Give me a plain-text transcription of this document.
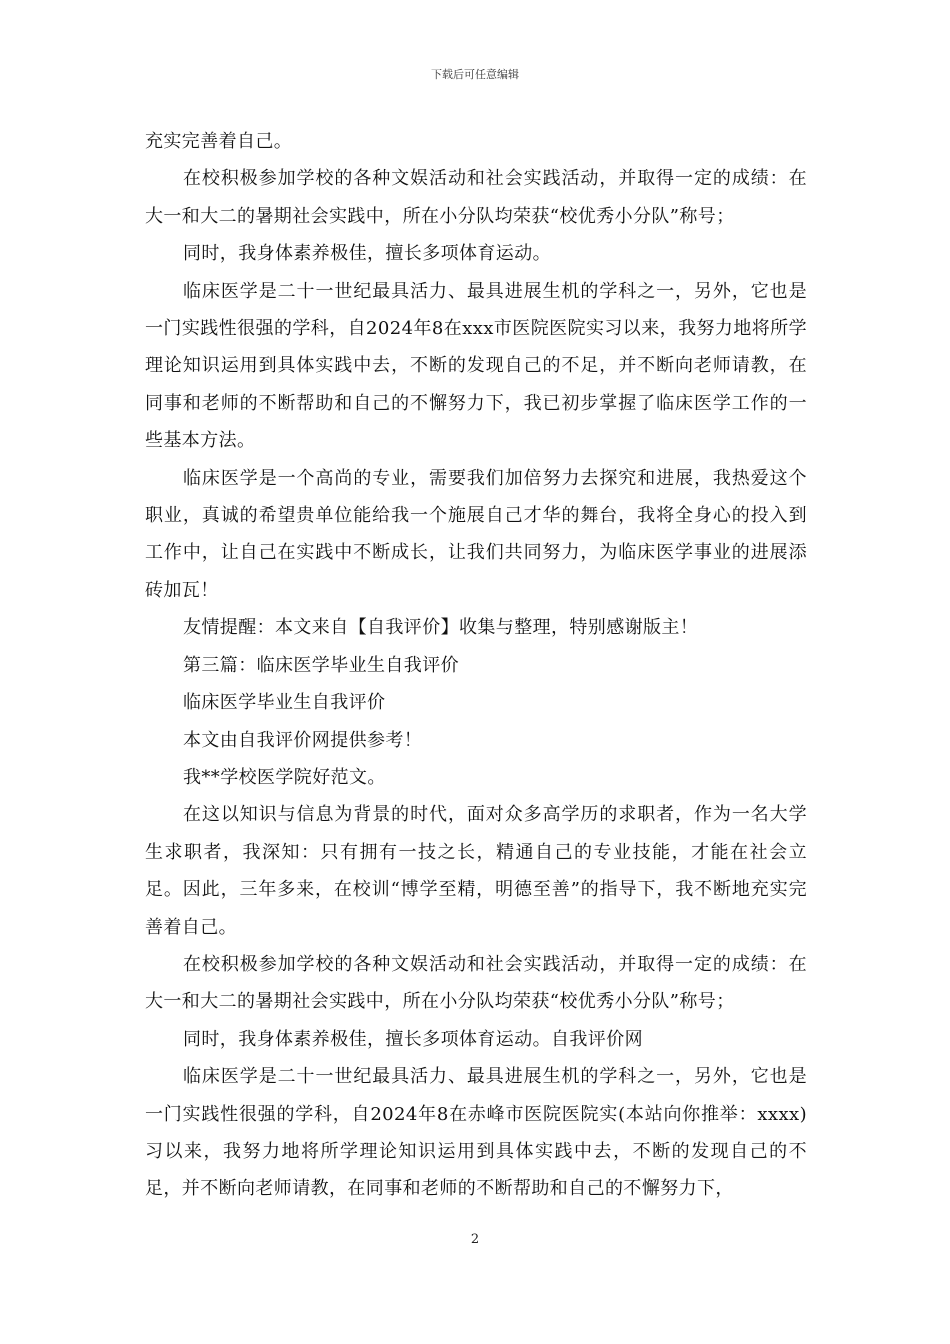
下载后可任意编辑

充实完善着自己。

在校积极参加学校的各种文娱活动和社会实践活动，并取得一定的成绩：在大一和大二的暑期社会实践中，所在小分队均荣获“校优秀小分队”称号；

同时，我身体素养极佳，擅长多项体育运动。

临床医学是二十一世纪最具活力、最具进展生机的学科之一，另外，它也是一门实践性很强的学科，自2024年8在xxx市医院医院实习以来，我努力地将所学理论知识运用到具体实践中去，不断的发现自己的不足，并不断向老师请教，在同事和老师的不断帮助和自己的不懈努力下，我已初步掌握了临床医学工作的一些基本方法。

临床医学是一个高尚的专业，需要我们加倍努力去探究和进展，我热爱这个职业，真诚的希望贵单位能给我一个施展自己才华的舞台，我将全身心的投入到工作中，让自己在实践中不断成长，让我们共同努力，为临床医学事业的进展添砖加瓦！

友情提醒：本文来自【自我评价】收集与整理，特别感谢版主！

第三篇：临床医学毕业生自我评价

临床医学毕业生自我评价

本文由自我评价网提供参考！

我**学校医学院好范文。

在这以知识与信息为背景的时代，面对众多高学历的求职者，作为一名大学生求职者，我深知：只有拥有一技之长，精通自己的专业技能，才能在社会立足。因此，三年多来，在校训“博学至精，明德至善”的指导下，我不断地充实完善着自己。

在校积极参加学校的各种文娱活动和社会实践活动，并取得一定的成绩：在大一和大二的暑期社会实践中，所在小分队均荣获“校优秀小分队”称号；

同时，我身体素养极佳，擅长多项体育运动。自我评价网

临床医学是二十一世纪最具活力、最具进展生机的学科之一，另外，它也是一门实践性很强的学科，自2024年8在赤峰市医院医院实(本站向你推举：xxxx)习以来，我努力地将所学理论知识运用到具体实践中去，不断的发现自己的不足，并不断向老师请教，在同事和老师的不断帮助和自己的不懈努力下，

2
